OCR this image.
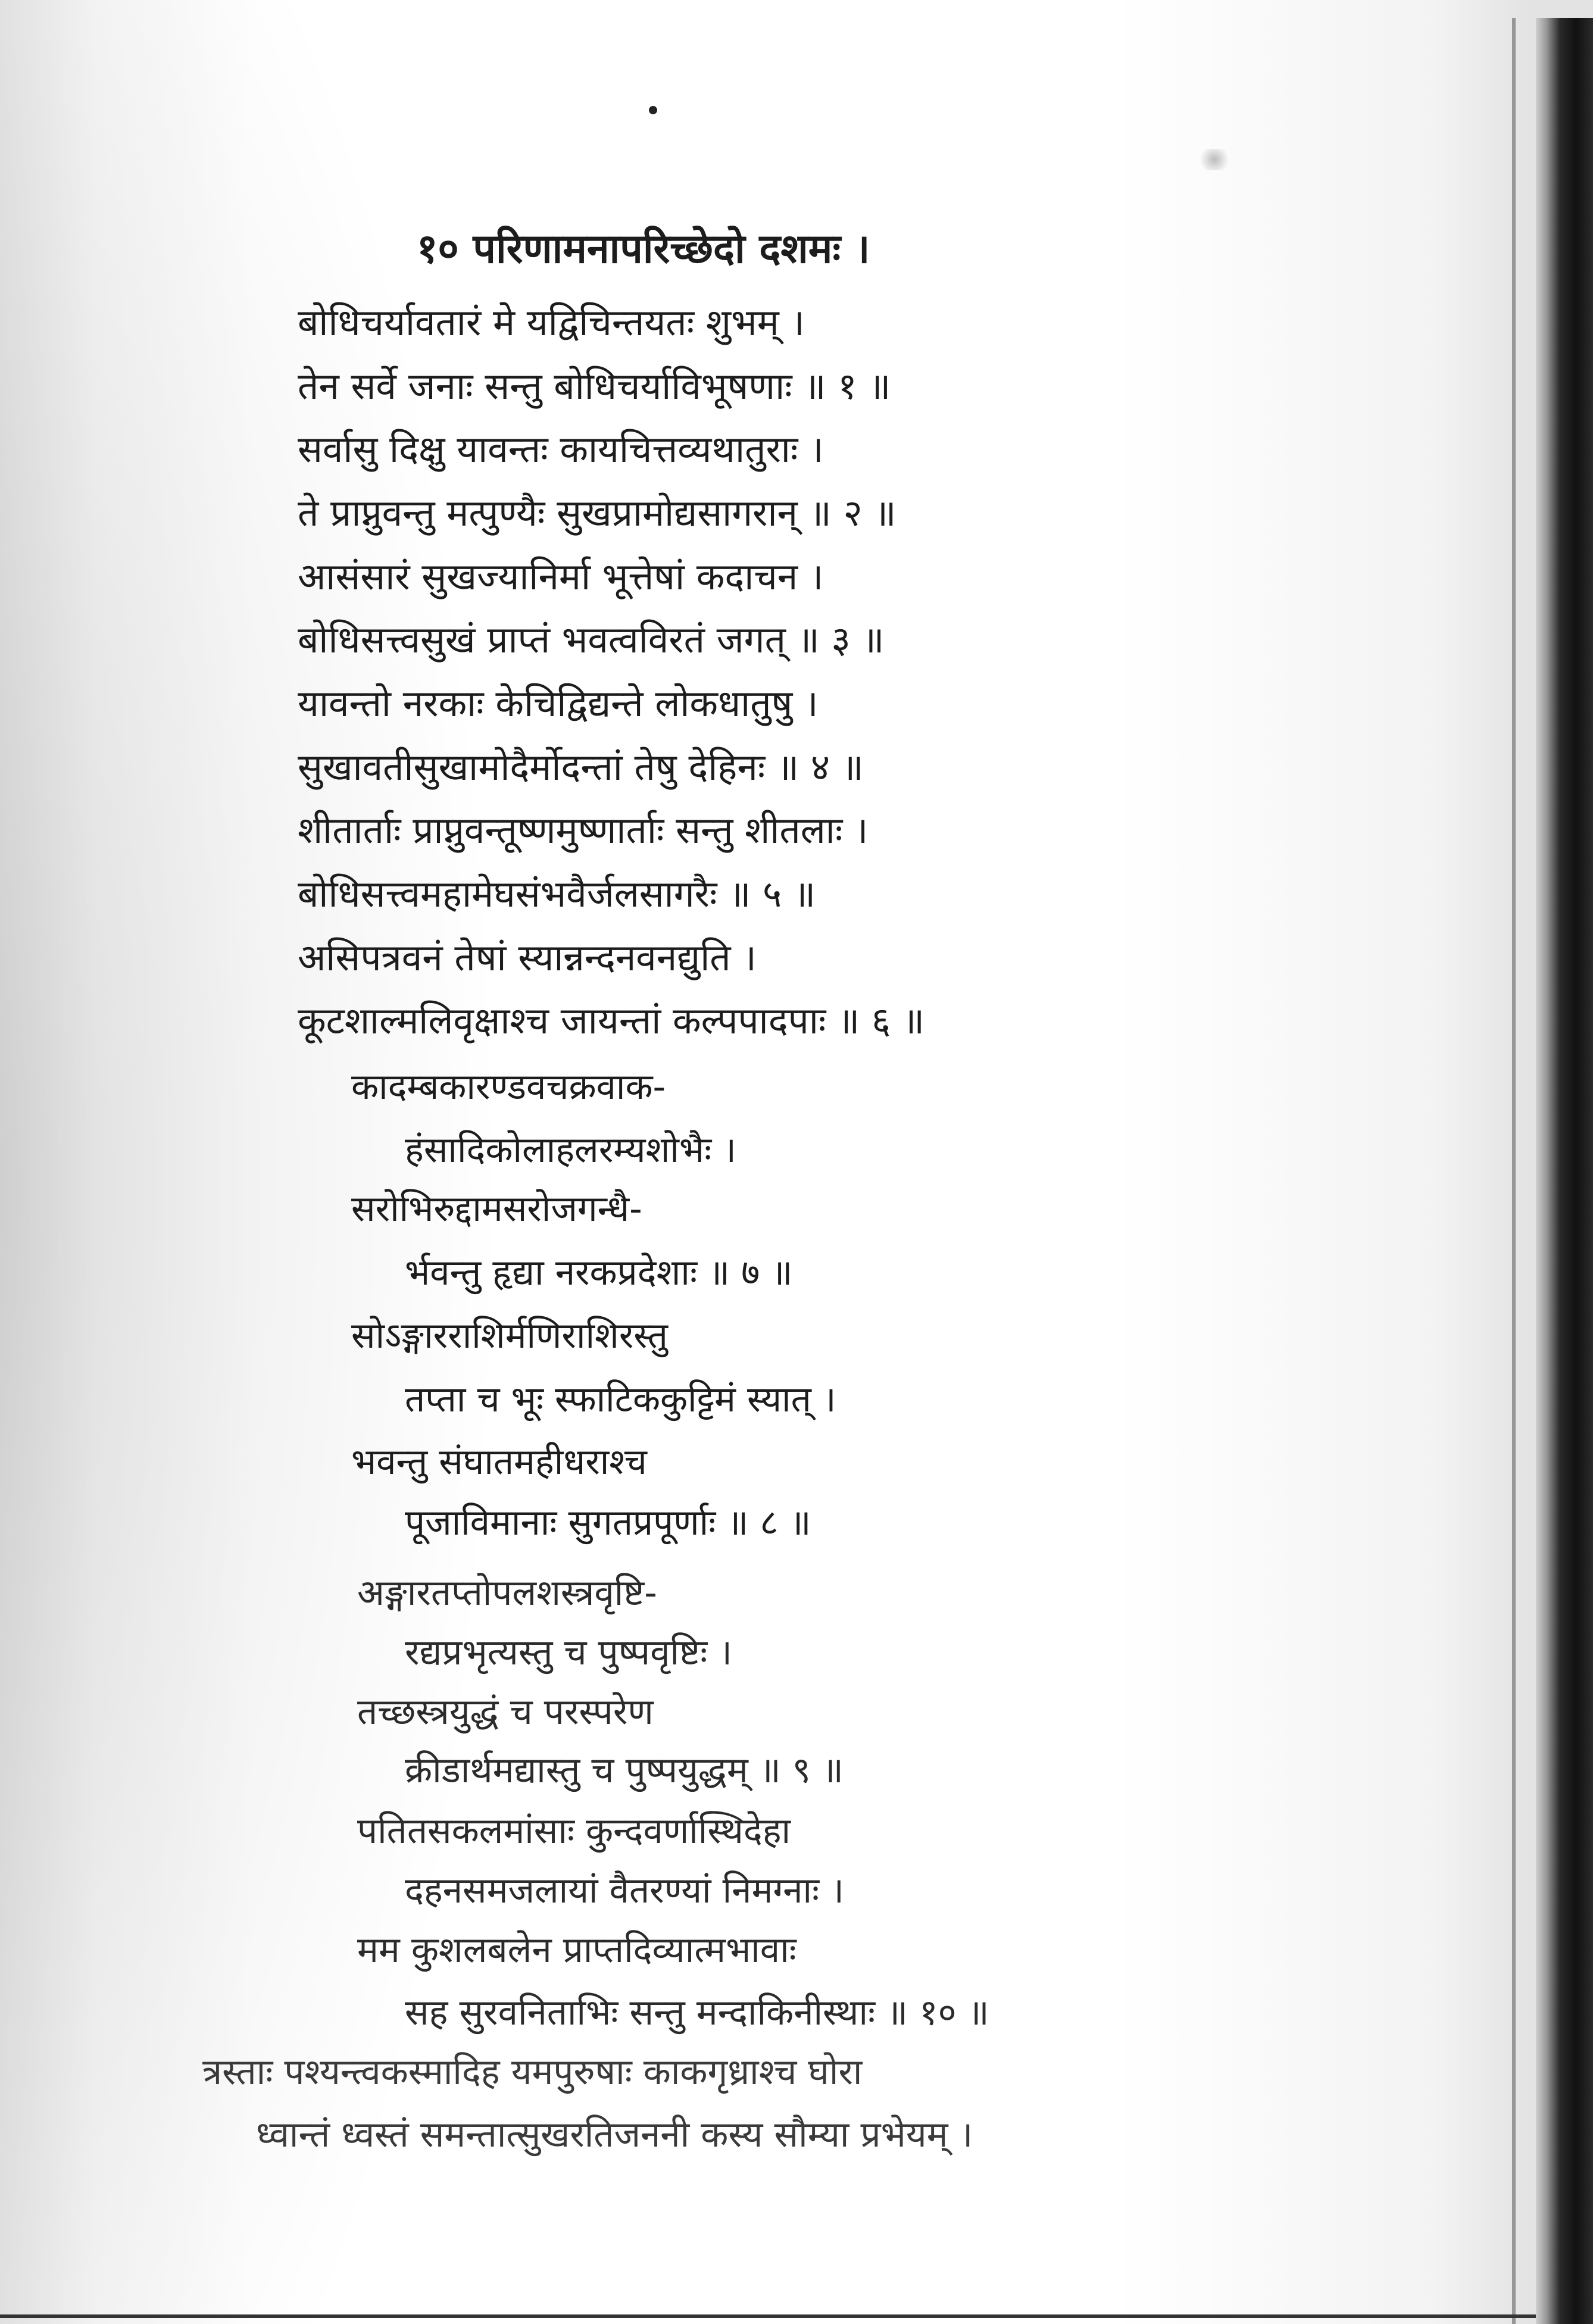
१० परिणामनापरिच्छेदो दशमः ।
बोधिचर्यावतारं मे यद्विचिन्तयतः शुभम् ।
तेन सर्वे जनाः सन्तु बोधिचर्याविभूषणाः ॥ १ ॥
सर्वासु दिक्षु यावन्तः कायचित्तव्यथातुराः ।
ते प्राप्नुवन्तु मत्पुण्यैः सुखप्रामोद्यसागरान् ॥ २ ॥
आसंसारं सुखज्यानिर्मा भूत्तेषां कदाचन ।
बोधिसत्त्वसुखं प्राप्तं भवत्वविरतं जगत् ॥ ३ ॥
यावन्तो नरकाः केचिद्विद्यन्ते लोकधातुषु ।
सुखावतीसुखामोदैर्मोदन्तां तेषु देहिनः ॥ ४ ॥
शीतार्ताः प्राप्नुवन्तूष्णमुष्णार्ताः सन्तु शीतलाः ।
बोधिसत्त्वमहामेघसंभवैर्जलसागरैः ॥ ५ ॥
असिपत्रवनं तेषां स्यान्नन्दनवनद्युति ।
कूटशाल्मलिवृक्षाश्च जायन्तां कल्पपादपाः ॥ ६ ॥
कादम्बकारण्डवचक्रवाक-
हंसादिकोलाहलरम्यशोभैः ।
सरोभिरुद्दामसरोजगन्धै-
र्भवन्तु हृद्या नरकप्रदेशाः ॥ ७ ॥
सोऽङ्गारराशिर्मणिराशिरस्तु
तप्ता च भूः स्फाटिककुट्टिमं स्यात् ।
भवन्तु संघातमहीधराश्च
पूजाविमानाः सुगतप्रपूर्णाः ॥ ८ ॥
अङ्गारतप्तोपलशस्त्रवृष्टि-
रद्यप्रभृत्यस्तु च पुष्पवृष्टिः ।
तच्छस्त्रयुद्धं च परस्परेण
क्रीडार्थमद्यास्तु च पुष्पयुद्धम् ॥ ९ ॥
पतितसकलमांसाः कुन्दवर्णास्थिदेहा
दहनसमजलायां वैतरण्यां निमग्नाः ।
मम कुशलबलेन प्राप्तदिव्यात्मभावाः
सह सुरवनिताभिः सन्तु मन्दाकिनीस्थाः ॥ १० ॥
त्रस्ताः पश्यन्त्वकस्मादिह यमपुरुषाः काकगृध्राश्च घोरा
ध्वान्तं ध्वस्तं समन्तात्सुखरतिजननी कस्य सौम्या प्रभेयम् ।
